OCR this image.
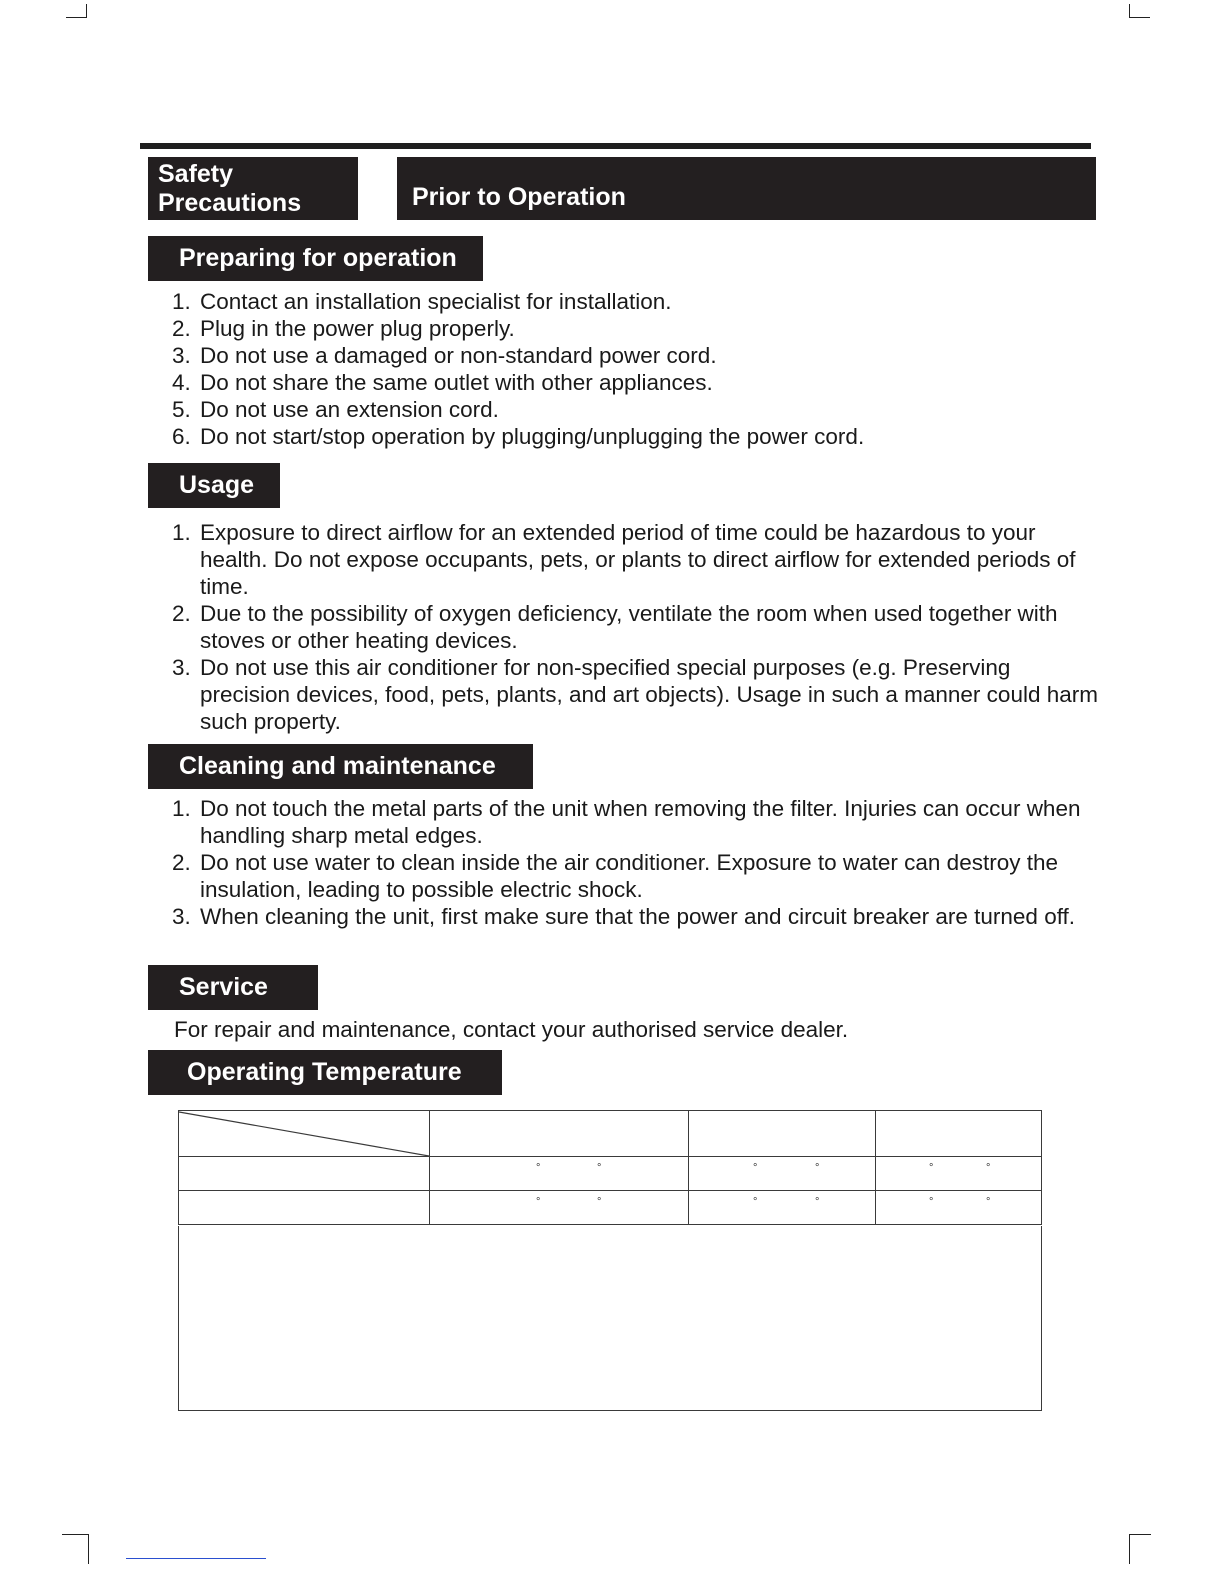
Safety
Precautions	Prior to Operation
Preparing for operation
1. Contact an installation specialist for installation.
2. Plug in the power plug properly.
3. Do not use a damaged or non-standard power cord.
4. Do not share the same outlet with other appliances.
5. Do not use an extension cord.
6. Do not start/stop operation by plugging/unplugging the power cord.
Usage
1. Exposure to direct airflow for an extended period of time could be hazardous to your health. Do not expose occupants, pets, or plants to direct airflow for extended periods of time.
2. Due to the possibility of oxygen deficiency, ventilate the room when used together with stoves or other heating devices.
3. Do not use this air conditioner for non-specified special purposes (e.g. Preserving precision devices, food, pets, plants, and art objects). Usage in such a manner could harm such property.
Cleaning and maintenance
1. Do not touch the metal parts of the unit when removing the filter. Injuries can occur when handling sharp metal edges.
2. Do not use water to clean inside the air conditioner. Exposure to water can destroy the insulation, leading to possible electric shock.
3. When cleaning the unit, first make sure that the power and circuit breaker are turned off.
Service
For repair and maintenance, contact your authorised service dealer.
Operating Temperature

	° °	° °	° °

	° °	° °	° °
